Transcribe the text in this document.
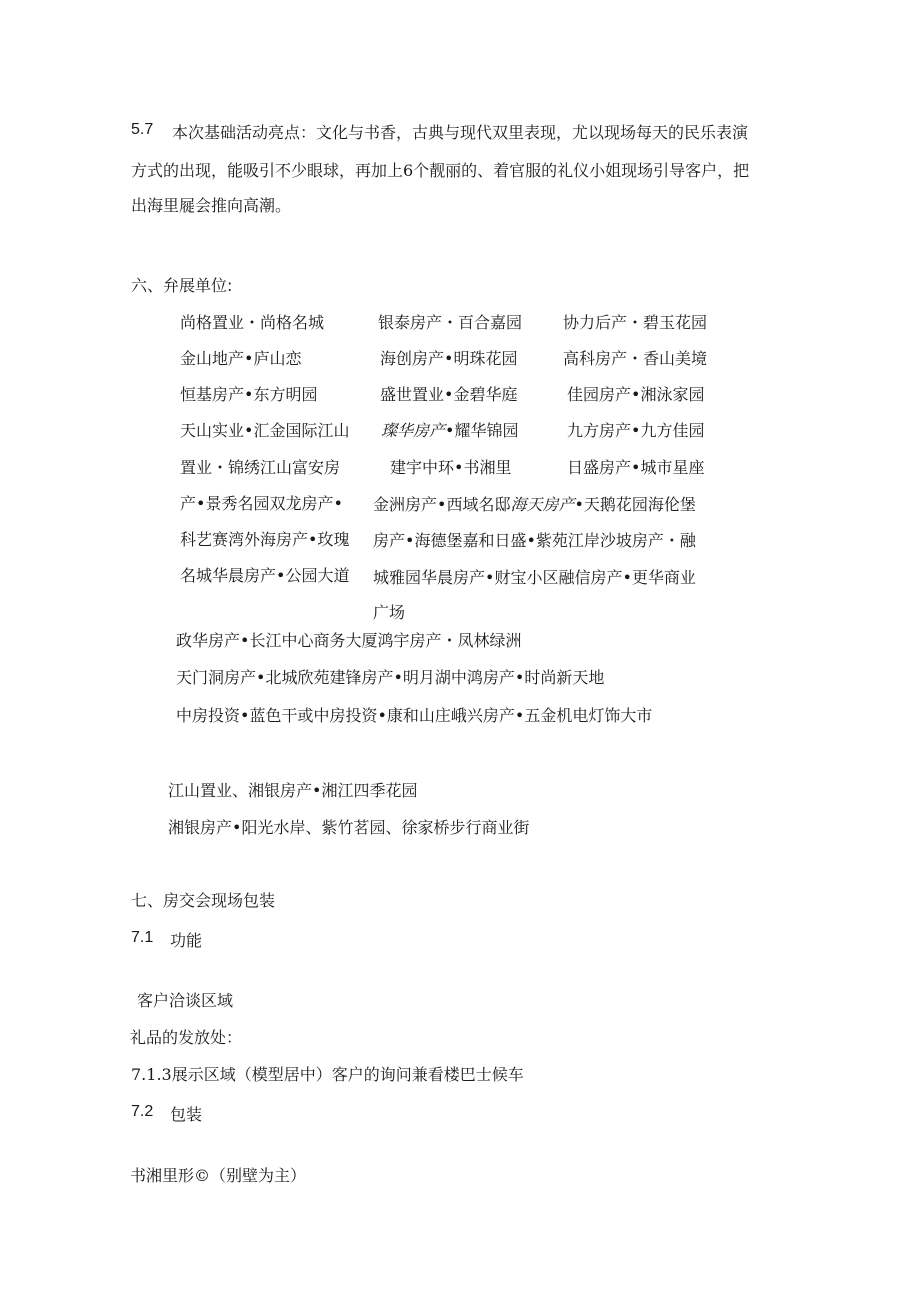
5.7 本次基础活动亮点：文化与书香，古典与现代双里表现，尤以现场每天的民乐表演
方式的出现，能吸引不少眼球，再加上6个靓丽的、着官服的礼仪小姐现场引导客户，把
出海里屣会推向高潮。
六、弁展单位:
尚格置业・尚格名城
金山地产•庐山恋
恒基房产•东方明园
天山实业•汇金国际江山
置业・锦绣江山富安房
产•景秀名园双龙房产•
科艺赛湾外海房产•玫瑰
名城华晨房产•公园大道
银泰房产・百合嘉园
海创房产•明珠花园
盛世置业•金碧华庭
璨华房产•耀华锦园
建宇中环•书湘里
协力后产・碧玉花园
高科房产・香山美境
佳园房产•湘泳家园
九方房产•九方佳园
日盛房产•城市星座
金洲房产•西域名邸海天房产•天鹅花园海伦堡
房产•海德堡嘉和日盛•紫苑江岸沙坡房产・融
城雅园华晨房产•财宝小区融信房产•更华商业
广场
政华房产•长江中心商务大厦鸿宇房产・凤林绿洲
天门洞房产•北城欣苑建锋房产•明月湖中鸿房产•时尚新天地
中房投资•蓝色干或中房投资•康和山庄峨兴房产•五金机电灯饰大市
江山置业、湘银房产•湘江四季花园
湘银房产•阳光水岸、紫竹茗园、徐家桥步行商业街
七、房交会现场包装
7.1 功能
客户洽谈区域
礼品的发放处：
7.1.3展示区域（模型居中）客户的询问兼看楼巴士候车
7.2 包装
书湘里形©（别壁为主）
